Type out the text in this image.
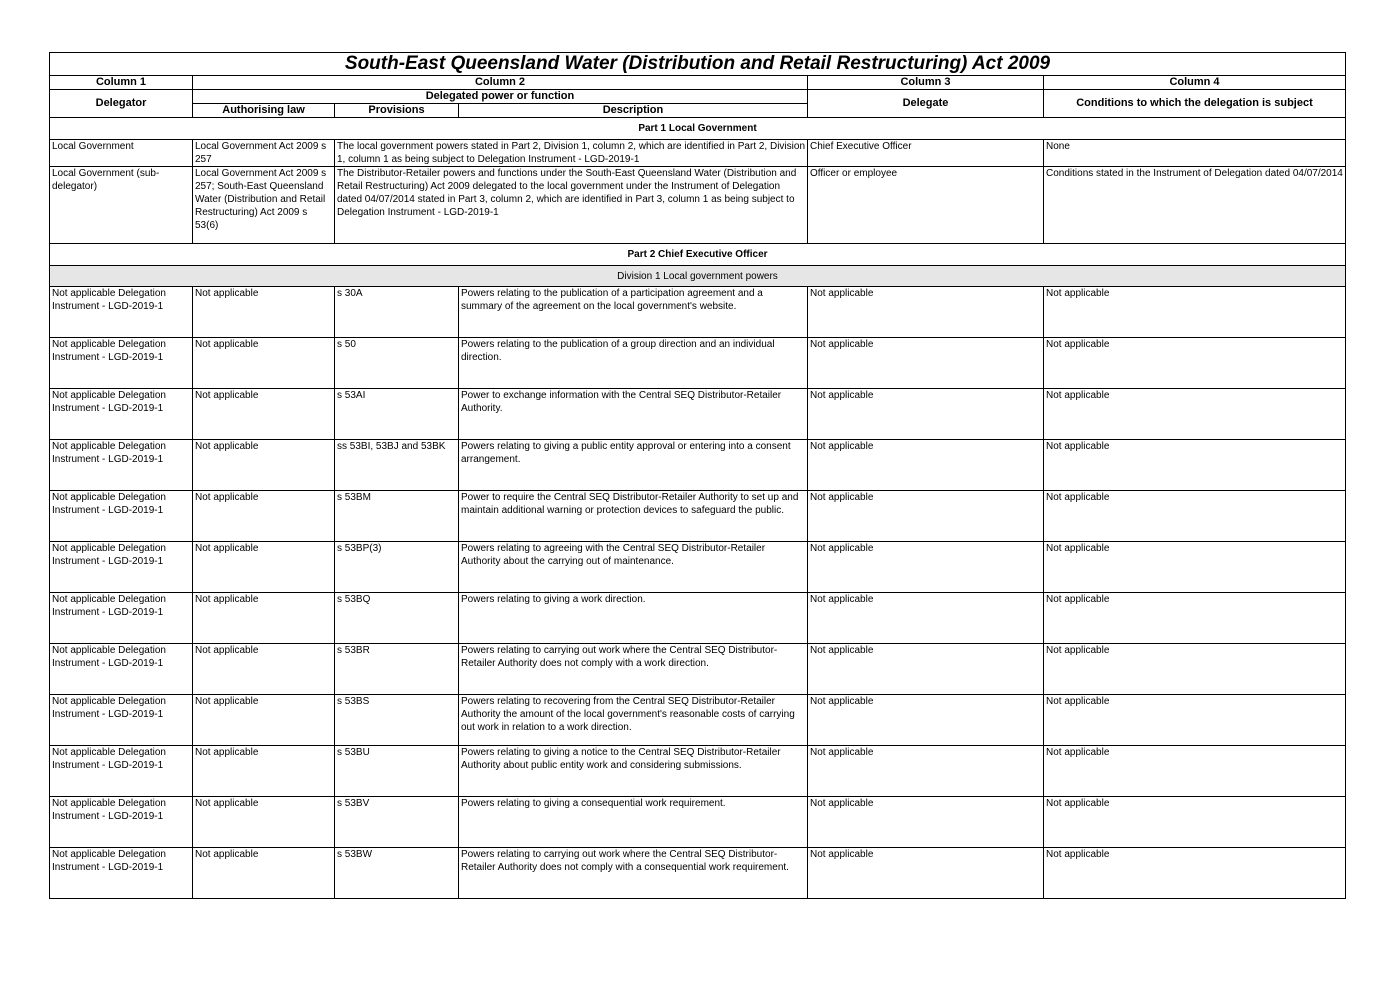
South-East Queensland Water (Distribution and Retail Restructuring) Act 2009					
Column 1	Column 2			Column 3	Column 4
Delegator	Delegated power or function			Delegate	Conditions to which the delegation is subject
	Authorising law	Provisions	Description		
Part 1 Local Government					
Local Government	Local Government Act 2009 s 257	The local government powers stated in Part 2, Division 1, column 2, which are identified in Part 2, Division 1, column 1 as being subject to Delegation Instrument - LGD-2019-1		Chief Executive Officer	None
Local Government (sub-delegator)	Local Government Act 2009 s 257; South-East Queensland Water (Distribution and Retail Restructuring) Act 2009 s 53(6)	The Distributor-Retailer powers and functions under the South-East Queensland Water (Distribution and Retail Restructuring) Act 2009 delegated to the local government under the Instrument of Delegation dated 04/07/2014 stated in Part 3, column 2, which are identified in Part 3, column 1 as being subject to Delegation Instrument - LGD-2019-1		Officer or employee	Conditions stated in the Instrument of Delegation dated 04/07/2014
Part 2 Chief Executive Officer					
Division 1 Local government powers					
Not applicable Delegation Instrument - LGD-2019-1	Not applicable	s 30A	Powers relating to the publication of a participation agreement and a summary of the agreement on the local government's website.	Not applicable	Not applicable
Not applicable Delegation Instrument - LGD-2019-1	Not applicable	s 50	Powers relating to the publication of a group direction and an individual direction.	Not applicable	Not applicable
Not applicable Delegation Instrument - LGD-2019-1	Not applicable	s 53AI	Power to exchange information with the Central SEQ Distributor-Retailer Authority.	Not applicable	Not applicable
Not applicable Delegation Instrument - LGD-2019-1	Not applicable	ss 53BI, 53BJ and 53BK	Powers relating to giving a public entity approval or entering into a consent arrangement.	Not applicable	Not applicable
Not applicable Delegation Instrument - LGD-2019-1	Not applicable	s 53BM	Power to require the Central SEQ Distributor-Retailer Authority to set up and maintain additional warning or protection devices to safeguard the public.	Not applicable	Not applicable
Not applicable Delegation Instrument - LGD-2019-1	Not applicable	s 53BP(3)	Powers relating to agreeing with the Central SEQ Distributor-Retailer Authority about the carrying out of maintenance.	Not applicable	Not applicable
Not applicable Delegation Instrument - LGD-2019-1	Not applicable	s 53BQ	Powers relating to giving a work direction.	Not applicable	Not applicable
Not applicable Delegation Instrument - LGD-2019-1	Not applicable	s 53BR	Powers relating to carrying out work where the Central SEQ Distributor-Retailer Authority does not comply with a work direction.	Not applicable	Not applicable
Not applicable Delegation Instrument - LGD-2019-1	Not applicable	s 53BS	Powers relating to recovering from the Central SEQ Distributor-Retailer Authority the amount of the local government's reasonable costs of carrying out work in relation to a work direction.	Not applicable	Not applicable
Not applicable Delegation Instrument - LGD-2019-1	Not applicable	s 53BU	Powers relating to giving a notice to the Central SEQ Distributor-Retailer Authority about public entity work and considering submissions.	Not applicable	Not applicable
Not applicable Delegation Instrument - LGD-2019-1	Not applicable	s 53BV	Powers relating to giving a consequential work requirement.	Not applicable	Not applicable
Not applicable Delegation Instrument - LGD-2019-1	Not applicable	s 53BW	Powers relating to carrying out work where the Central SEQ Distributor-Retailer Authority does not comply with a consequential work requirement.	Not applicable	Not applicable
